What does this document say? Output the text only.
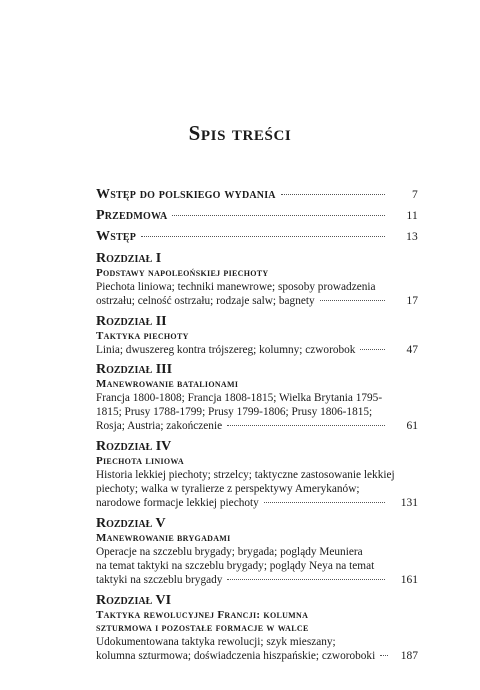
Spis treści
Wstęp do polskiego wydania	7
Przedmowa	11
Wstęp	13
Rozdział I
Podstawy napoleońskiej piechoty
Piechota liniowa; techniki manewrowe; sposoby prowadzenia
ostrzału; celność ostrzału; rodzaje salw; bagnety	17
Rozdział II
Taktyka piechoty
Linia; dwuszereg kontra trójszereg; kolumny; czworobok	47
Rozdział III
Manewrowanie batalionami
Francja 1800-1808; Francja 1808-1815; Wielka Brytania 1795-
1815; Prusy 1788-1799; Prusy 1799-1806; Prusy 1806-1815;
Rosja; Austria; zakończenie	61
Rozdział IV
Piechota liniowa
Historia lekkiej piechoty; strzelcy; taktyczne zastosowanie lekkiej
piechoty; walka w tyralierze z perspektywy Amerykanów;
narodowe formacje lekkiej piechoty	131
Rozdział V
Manewrowanie brygadami
Operacje na szczeblu brygady; brygada; poglądy Meuniera
na temat taktyki na szczeblu brygady; poglądy Neya na temat
taktyki na szczeblu brygady	161
Rozdział VI
Taktyka rewolucyjnej Francji: kolumna
szturmowa i pozostałe formacje w walce
Udokumentowana taktyka rewolucji; szyk mieszany;
kolumna szturmowa; doświadczenia hiszpańskie; czworoboki	187
